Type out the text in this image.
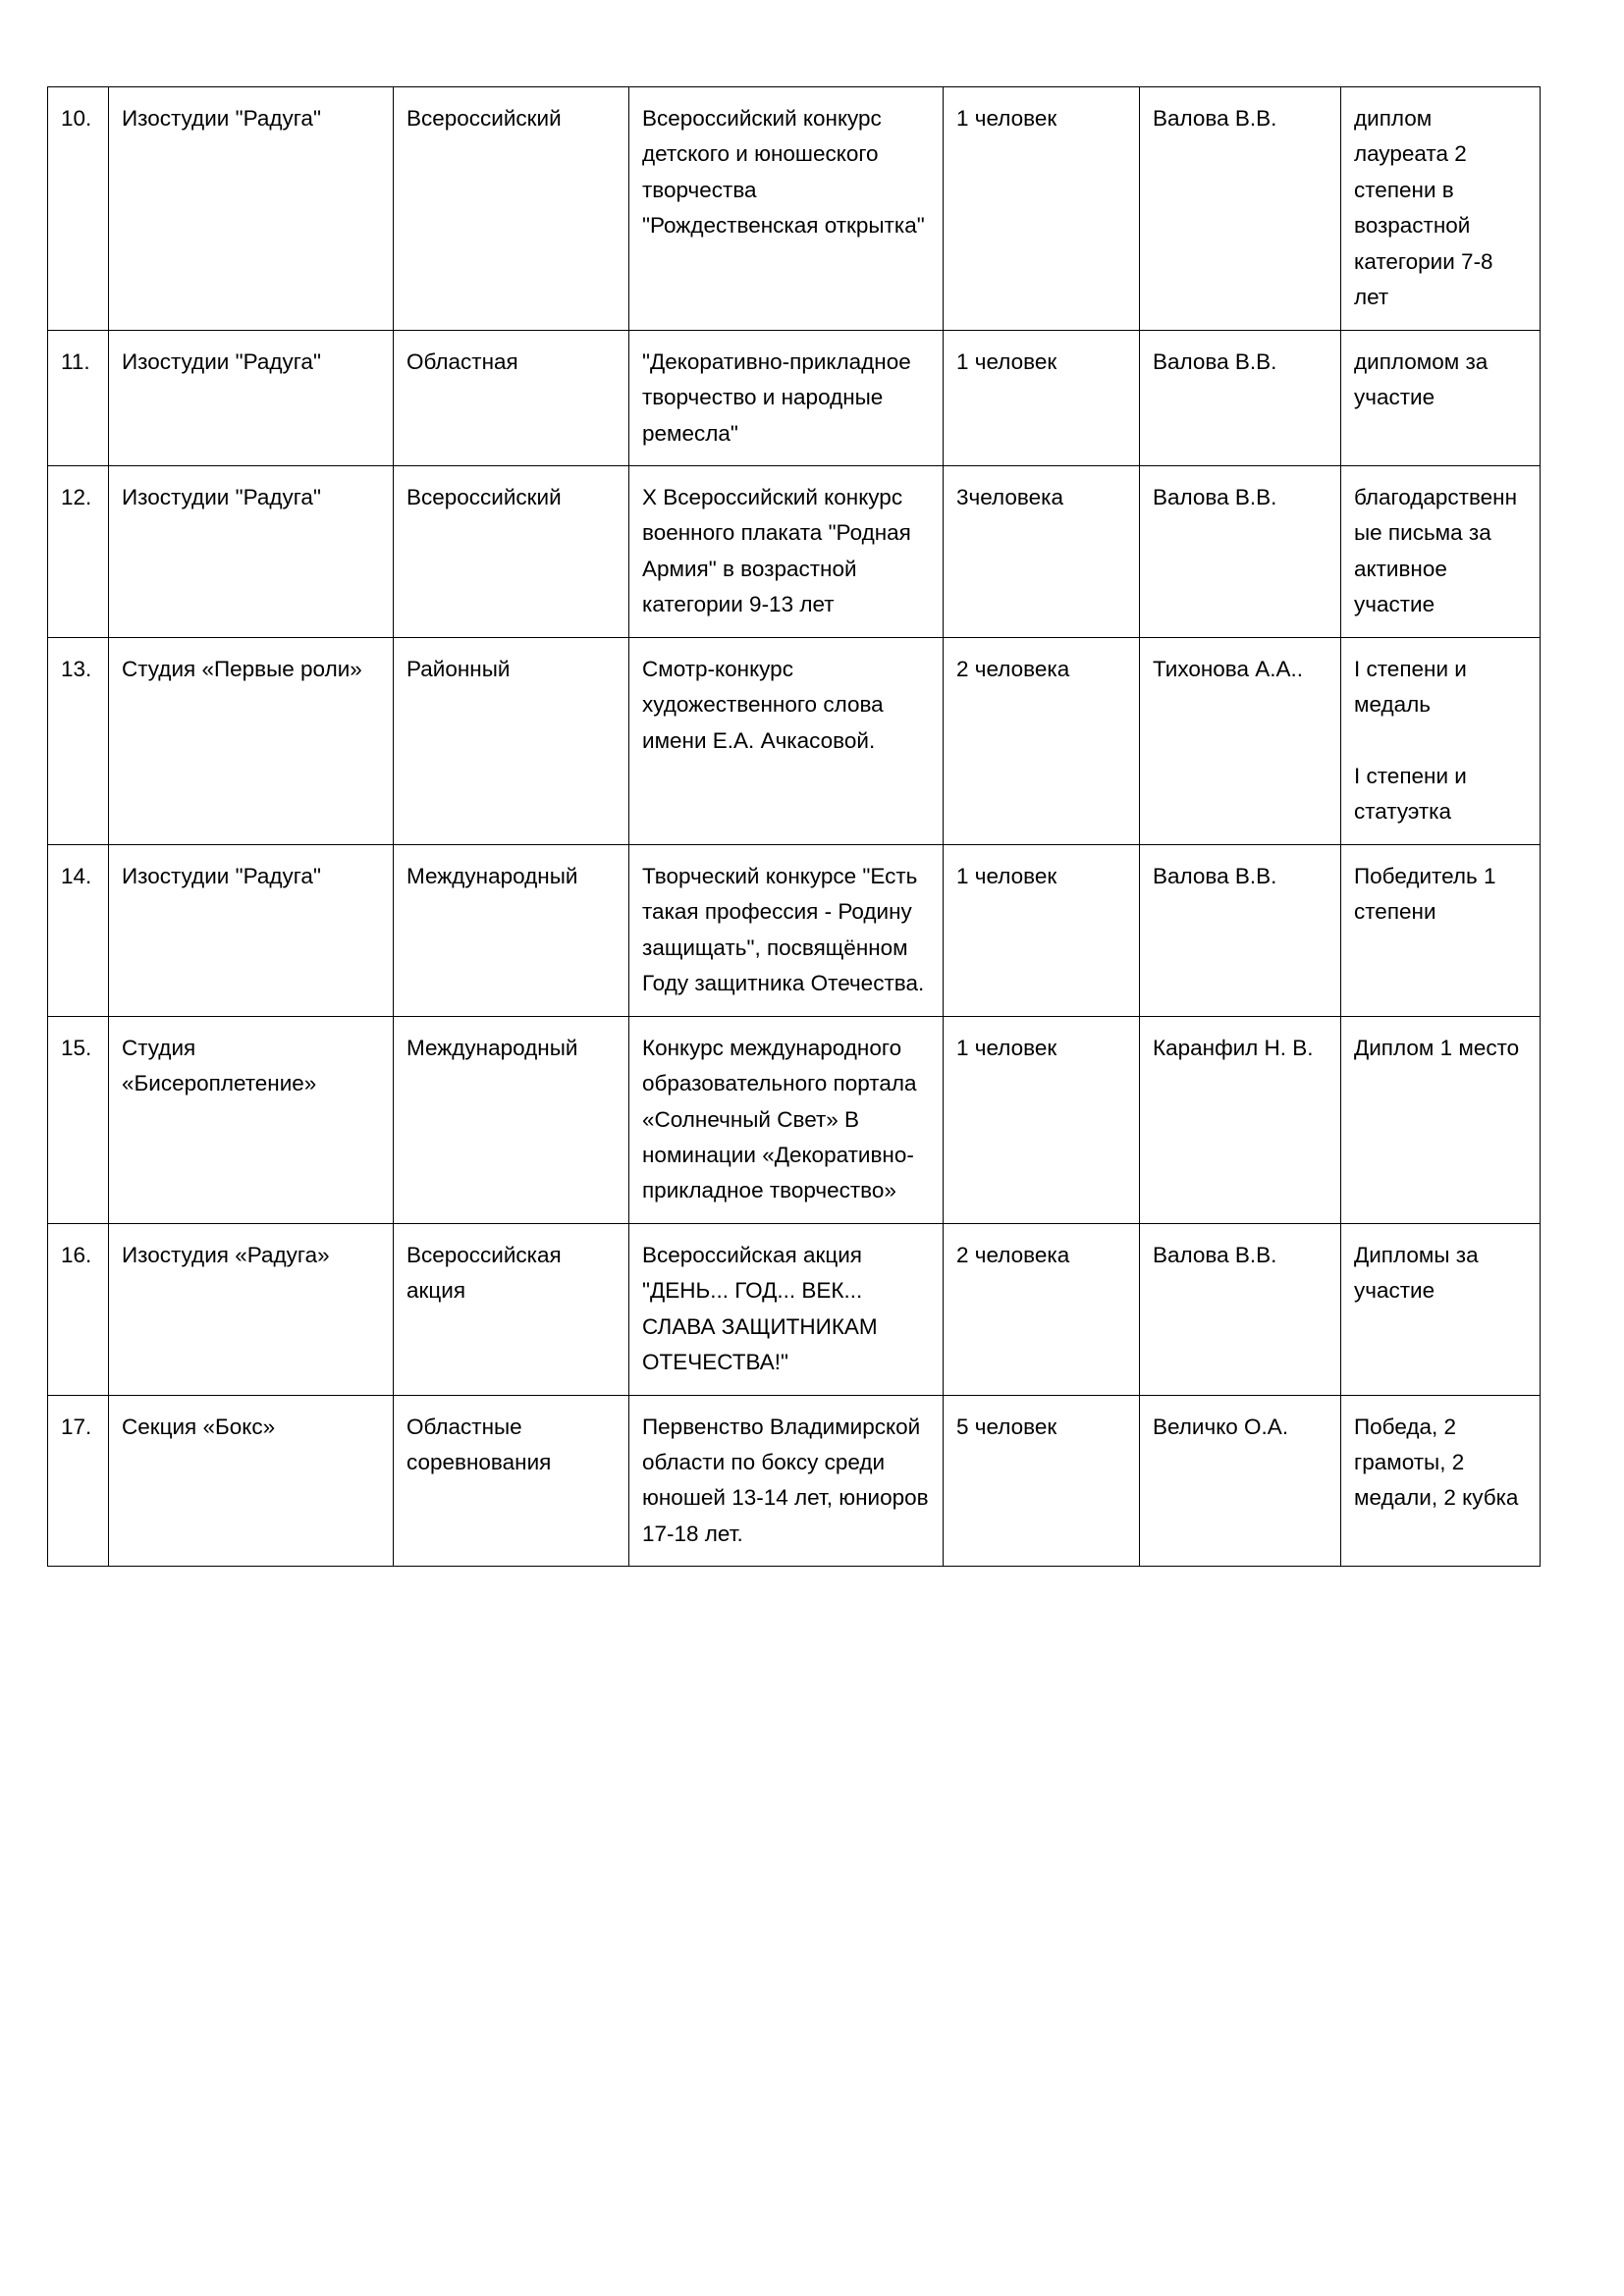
10.	Изостудии "Радуга"	Всероссийский	Всероссийский конкурс детского и юношеского творчества "Рождественская открытка"	1 человек	Валова В.В.	диплом лауреата 2 степени в возрастной категории 7-8 лет
11.	Изостудии "Радуга"	Областная	"Декоративно-прикладное творчество и народные ремесла"	1 человек	Валова В.В.	дипломом за участие
12.	Изостудии "Радуга"	Всероссийский	X Всероссийский конкурс военного плаката "Родная Армия" в возрастной категории 9-13 лет	3человека	Валова В.В.	благодарственные письма за активное участие
13.	Студия «Первые роли»	Районный	Смотр-конкурс художественного слова имени Е.А. Ачкасовой.	2 человека	Тихонова А.А..	I степени и медаль

I степени и статуэтка

14.	Изостудии "Радуга"	Международный	Творческий конкурсе "Есть такая профессия - Родину защищать", посвящённом Году защитника Отечества.	1 человек	Валова В.В.	Победитель 1 степени
15.	Студия «Бисероплетение»	Международный	Конкурс международного образовательного портала «Солнечный Свет» В номинации «Декоративно-прикладное творчество»	1 человек	Каранфил Н. В.	Диплом 1 место
16.	Изостудия «Радуга»	Всероссийская акция	Всероссийская акция "ДЕНЬ... ГОД... ВЕК... СЛАВА ЗАЩИТНИКАМ ОТЕЧЕСТВА!"	2 человека	Валова В.В.	Дипломы за участие
17.	Секция «Бокс»	Областные соревнования	Первенство Владимирской области по боксу среди юношей 13-14 лет, юниоров 17-18 лет.	5 человек	Величко О.А.	Победа, 2 грамоты, 2 медали, 2 кубка
